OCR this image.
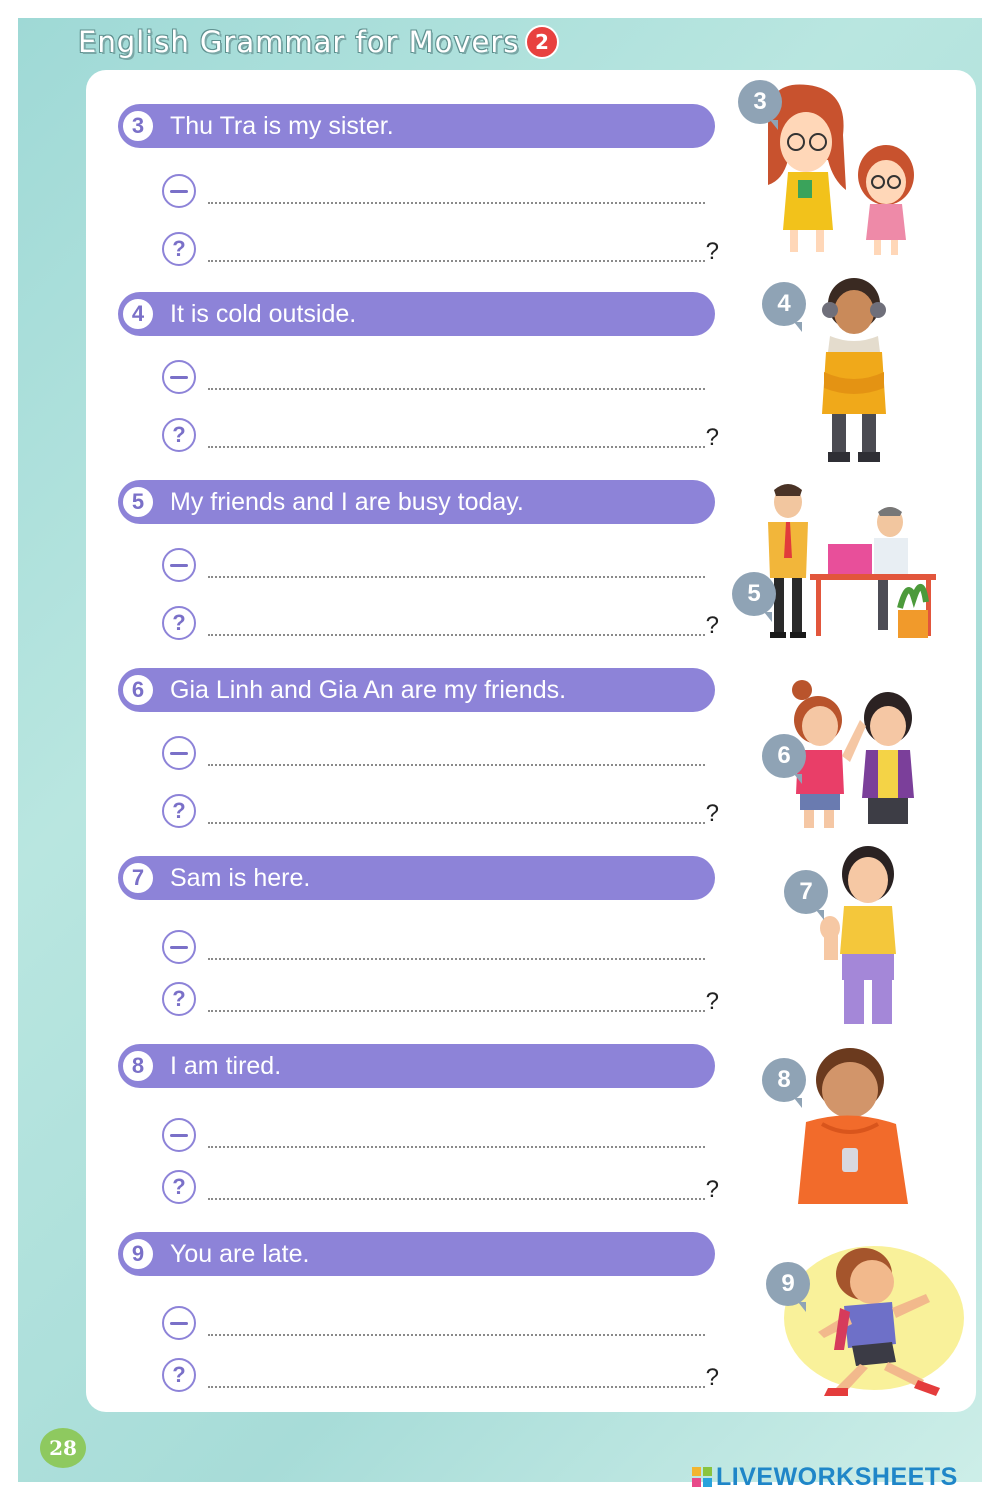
English Grammar for Movers 2
3	Thu Tra is my sister.
?	?
4	It is cold outside.
?	?
5	My friends and I are busy today.
?	?
6	Gia Linh and Gia An are my friends.
?	?
7	Sam is here.
?	?
8	I am tired.
?	?
9	You are late.
?	?
3
4
5
6
7
8
9
28
LIVEWORKSHEETS
